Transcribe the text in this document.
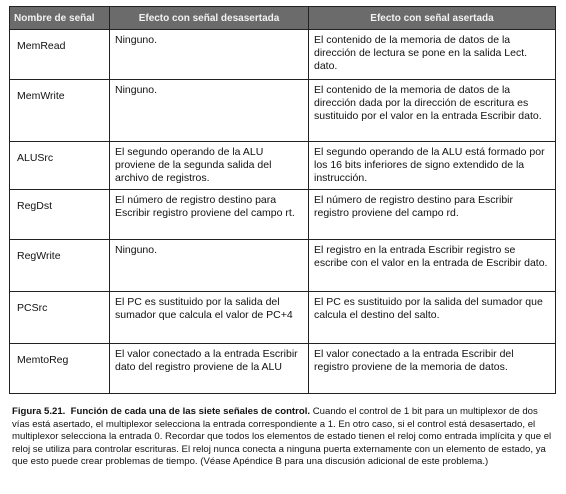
Nombre de señal	Efecto con señal desasertada	Efecto con señal asertada
MemRead	Ninguno.	El contenido de la memoria de datos de la dirección de lectura se pone en la salida Lect. dato.
MemWrite	Ninguno.	El contenido de la memoria de datos de la dirección dada por la dirección de escritura es sustituido por el valor en la entrada Escribir dato.
ALUSrc	El segundo operando de la ALU proviene de la segunda salida del archivo de registros.	El segundo operando de la ALU está formado por los 16 bits inferiores de signo extendido de la instrucción.
RegDst	El número de registro destino para Escribir registro proviene del campo rt.	El número de registro destino para Escribir registro proviene del campo rd.
RegWrite	Ninguno.	El registro en la entrada Escribir registro se escribe con el valor en la entrada de Escribir dato.
PCSrc	El PC es sustituido por la salida del sumador que calcula el valor de PC+4	El PC es sustituido por la salida del sumador que calcula el destino del salto.
MemtoReg	El valor conectado a la entrada Escribir dato del registro proviene de la ALU	El valor conectado a la entrada Escribir del registro proviene de la memoria de datos.
Figura 5.21. Función de cada una de las siete señales de control. Cuando el control de 1 bit para un multiplexor de dos vías está asertado, el multiplexor selecciona la entrada correspondiente a 1. En otro caso, si el control está desasertado, el multiplexor selecciona la entrada 0. Recordar que todos los elementos de estado tienen el reloj como entrada implícita y que el reloj se utiliza para controlar escrituras. El reloj nunca conecta a ninguna puerta externamente con un elemento de estado, ya que esto puede crear problemas de tiempo. (Véase Apéndice B para una discusión adicional de este problema.)
